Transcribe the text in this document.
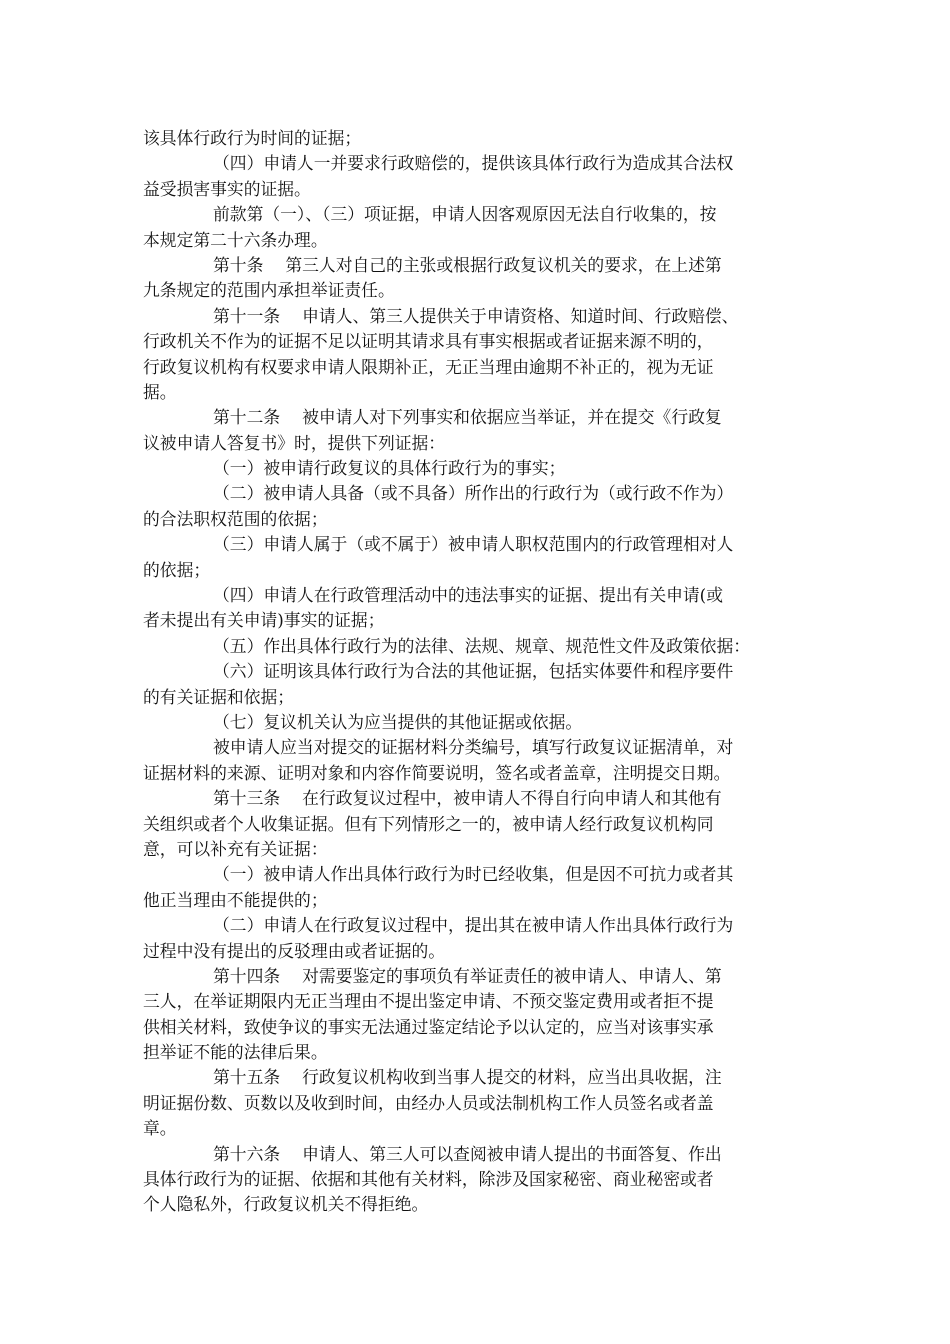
该具体行政行为时间的证据；
（四）申请人一并要求行政赔偿的，提供该具体行政行为造成其合法权
益受损害事实的证据。
前款第（一）、（三）项证据，申请人因客观原因无法自行收集的，按
本规定第二十六条办理。
第十条 第三人对自己的主张或根据行政复议机关的要求，在上述第
九条规定的范围内承担举证责任。
第十一条 申请人、第三人提供关于申请资格、知道时间、行政赔偿、
行政机关不作为的证据不足以证明其请求具有事实根据或者证据来源不明的，
行政复议机构有权要求申请人限期补正，无正当理由逾期不补正的，视为无证
据。
第十二条 被申请人对下列事实和依据应当举证，并在提交《行政复
议被申请人答复书》时，提供下列证据：
（一）被申请行政复议的具体行政行为的事实；
（二）被申请人具备（或不具备）所作出的行政行为（或行政不作为）
的合法职权范围的依据；
（三）申请人属于（或不属于）被申请人职权范围内的行政管理相对人
的依据；
（四）申请人在行政管理活动中的违法事实的证据、提出有关申请(或
者未提出有关申请)事实的证据；
（五）作出具体行政行为的法律、法规、规章、规范性文件及政策依据：
（六）证明该具体行政行为合法的其他证据，包括实体要件和程序要件
的有关证据和依据；
（七）复议机关认为应当提供的其他证据或依据。
被申请人应当对提交的证据材料分类编号，填写行政复议证据清单，对
证据材料的来源、证明对象和内容作简要说明，签名或者盖章，注明提交日期。
第十三条 在行政复议过程中，被申请人不得自行向申请人和其他有
关组织或者个人收集证据。但有下列情形之一的，被申请人经行政复议机构同
意，可以补充有关证据：
（一）被申请人作出具体行政行为时已经收集，但是因不可抗力或者其
他正当理由不能提供的；
（二）申请人在行政复议过程中，提出其在被申请人作出具体行政行为
过程中没有提出的反驳理由或者证据的。
第十四条 对需要鉴定的事项负有举证责任的被申请人、申请人、第
三人，在举证期限内无正当理由不提出鉴定申请、不预交鉴定费用或者拒不提
供相关材料，致使争议的事实无法通过鉴定结论予以认定的，应当对该事实承
担举证不能的法律后果。
第十五条 行政复议机构收到当事人提交的材料，应当出具收据，注
明证据份数、页数以及收到时间，由经办人员或法制机构工作人员签名或者盖
章。
第十六条 申请人、第三人可以查阅被申请人提出的书面答复、作出
具体行政行为的证据、依据和其他有关材料，除涉及国家秘密、商业秘密或者
个人隐私外，行政复议机关不得拒绝。
